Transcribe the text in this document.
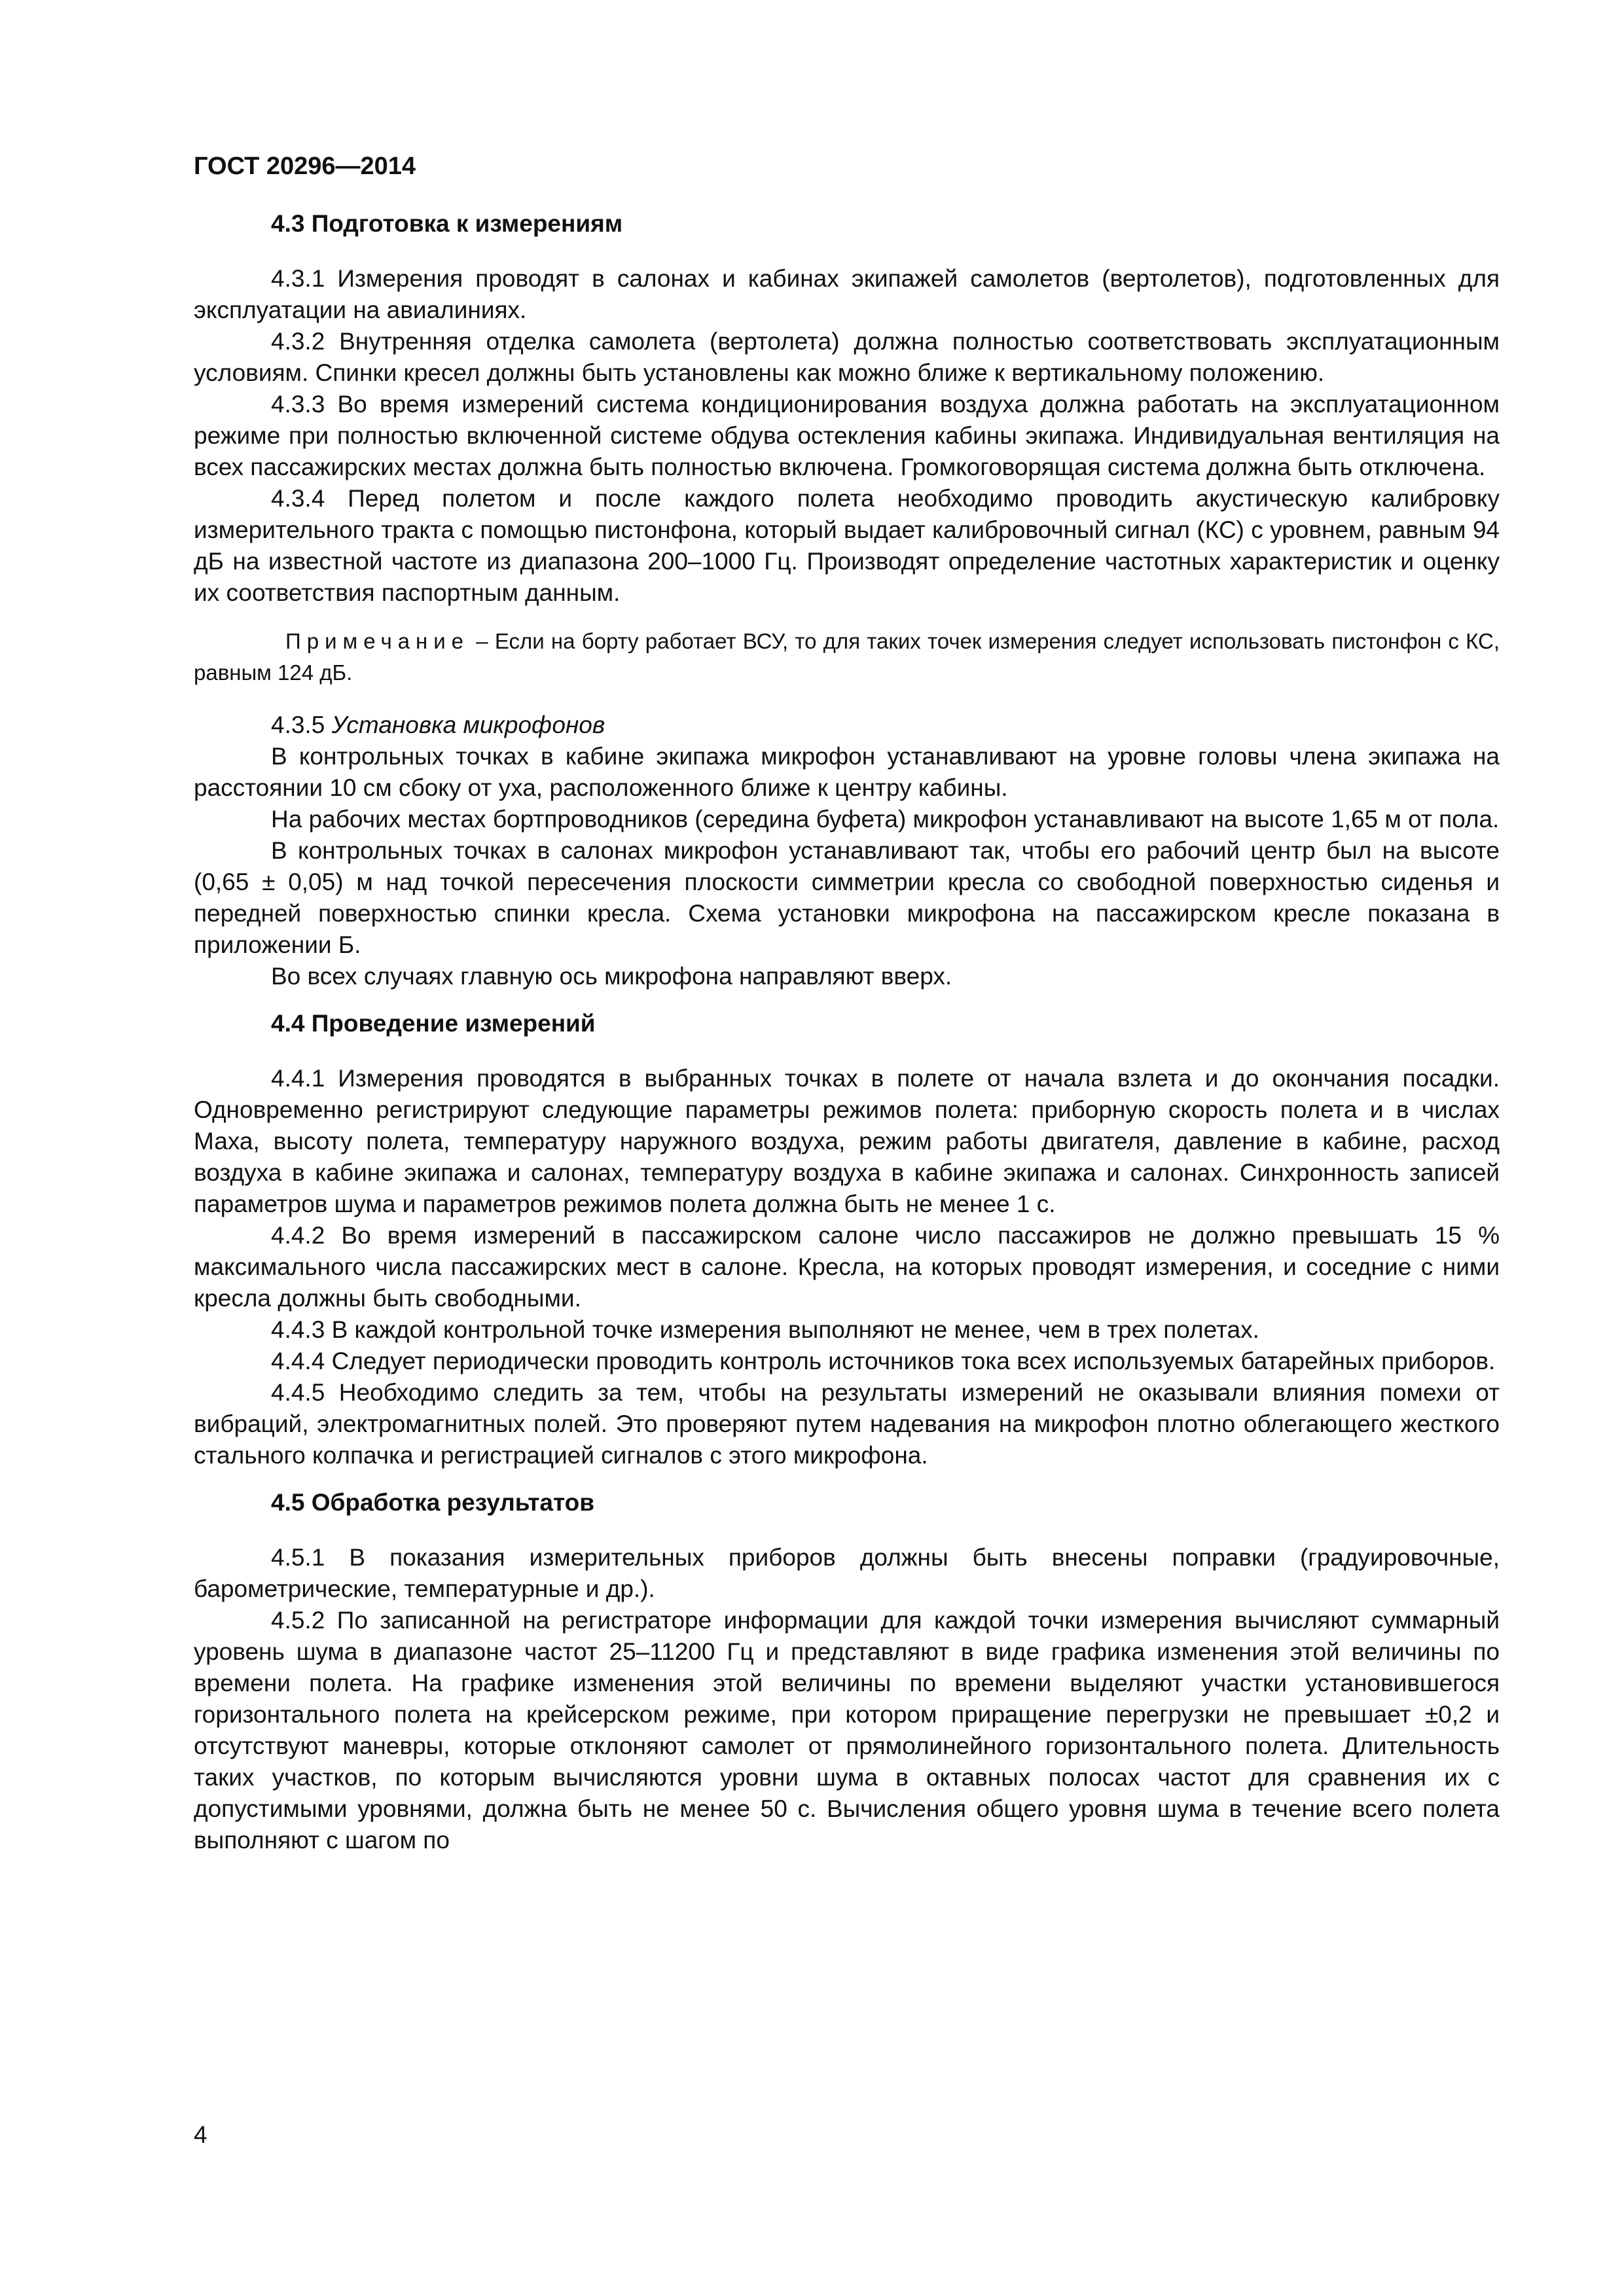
ГОСТ 20296—2014
4.3 Подготовка к измерениям

4.3.1 Измерения проводят в салонах и кабинах экипажей самолетов (вертолетов), подготовленных для эксплуатации на авиалиниях.

4.3.2 Внутренняя отделка самолета (вертолета) должна полностью соответствовать эксплуатационным условиям. Спинки кресел должны быть установлены как можно ближе к вертикальному положению.

4.3.3 Во время измерений система кондиционирования воздуха должна работать на эксплуатационном режиме при полностью включенной системе обдува остекления кабины экипажа. Индивидуальная вентиляция на всех пассажирских местах должна быть полностью включена. Громкоговорящая система должна быть отключена.

4.3.4 Перед полетом и после каждого полета необходимо проводить акустическую калибровку измерительного тракта с помощью пистонфона, который выдает калибровочный сигнал (КС) с уровнем, равным 94 дБ на известной частоте из диапазона 200–1000 Гц. Производят определение частотных характеристик и оценку их соответствия паспортным данным.

Примечание – Если на борту работает ВСУ, то для таких точек измерения следует использовать пистонфон с КС, равным 124 дБ.

4.3.5 Установка микрофонов

В контрольных точках в кабине экипажа микрофон устанавливают на уровне головы члена экипажа на расстоянии 10 см сбоку от уха, расположенного ближе к центру кабины.

На рабочих местах бортпроводников (середина буфета) микрофон устанавливают на высоте 1,65 м от пола.

В контрольных точках в салонах микрофон устанавливают так, чтобы его рабочий центр был на высоте (0,65 ± 0,05) м над точкой пересечения плоскости симметрии кресла со свободной поверхностью сиденья и передней поверхностью спинки кресла. Схема установки микрофона на пассажирском кресле показана в приложении Б.

Во всех случаях главную ось микрофона направляют вверх.

4.4 Проведение измерений

4.4.1 Измерения проводятся в выбранных точках в полете от начала взлета и до окончания посадки. Одновременно регистрируют следующие параметры режимов полета: приборную скорость полета и в числах Маха, высоту полета, температуру наружного воздуха, режим работы двигателя, давление в кабине, расход воздуха в кабине экипажа и салонах, температуру воздуха в кабине экипажа и салонах. Синхронность записей параметров шума и параметров режимов полета должна быть не менее 1 с.

4.4.2 Во время измерений в пассажирском салоне число пассажиров не должно превышать 15 % максимального числа пассажирских мест в салоне. Кресла, на которых проводят измерения, и соседние с ними кресла должны быть свободными.

4.4.3 В каждой контрольной точке измерения выполняют не менее, чем в трех полетах.

4.4.4 Следует периодически проводить контроль источников тока всех используемых батарейных приборов.

4.4.5 Необходимо следить за тем, чтобы на результаты измерений не оказывали влияния помехи от вибраций, электромагнитных полей. Это проверяют путем надевания на микрофон плотно облегающего жесткого стального колпачка и регистрацией сигналов с этого микрофона.

4.5 Обработка результатов

4.5.1 В показания измерительных приборов должны быть внесены поправки (градуировочные, барометрические, температурные и др.).

4.5.2 По записанной на регистраторе информации для каждой точки измерения вычисляют суммарный уровень шума в диапазоне частот 25–11200 Гц и представляют в виде графика изменения этой величины по времени полета. На графике изменения этой величины по времени выделяют участки установившегося горизонтального полета на крейсерском режиме, при котором приращение перегрузки не превышает ±0,2 и отсутствуют маневры, которые отклоняют самолет от прямолинейного горизонтального полета. Длительность таких участков, по которым вычисляются уровни шума в октавных полосах частот для сравнения их с допустимыми уровнями, должна быть не менее 50 с. Вычисления общего уровня шума в течение всего полета выполняют с шагом по

4
